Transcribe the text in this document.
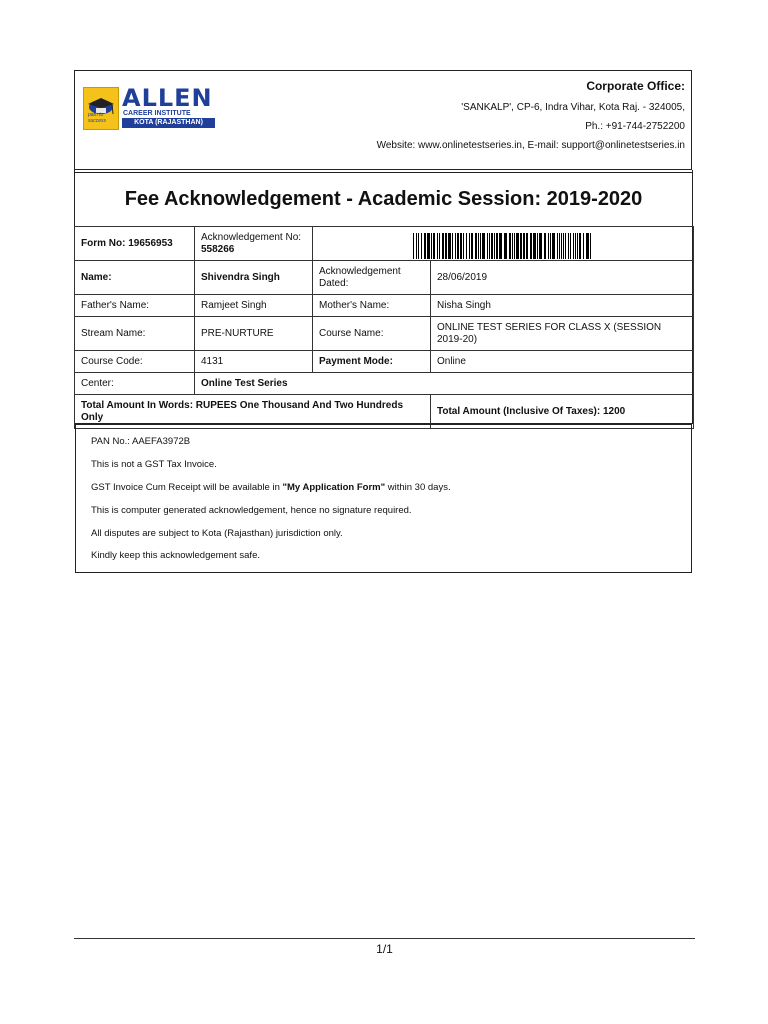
path to success
ALLEN
CAREER INSTITUTE
KOTA (RAJASTHAN)
Corporate Office:
'SANKALP', CP-6, Indra Vihar, Kota Raj. - 324005,
Ph.: +91-744-2752200
Website: www.onlinetestseries.in, E-mail: support@onlinetestseries.in
Fee Acknowledgement - Academic Session: 2019-2020
Form No: 19656953	Acknowledgement No:
558266

Name:	Shivendra Singh	Acknowledgement Dated:	28/06/2019
Father's Name:	Ramjeet Singh	Mother's Name:	Nisha Singh
Stream Name:	PRE-NURTURE	Course Name:	ONLINE TEST SERIES FOR CLASS X (SESSION 2019-20)
Course Code:	4131	Payment Mode:	Online
Center:	Online Test Series		
Total Amount In Words: RUPEES One Thousand And Two Hundreds Only			Total Amount (Inclusive Of Taxes): 1200
PAN No.: AAEFA3972B
This is not a GST Tax Invoice.
GST Invoice Cum Receipt will be available in "My Application Form" within 30 days.
This is computer generated acknowledgement, hence no signature required.
All disputes are subject to Kota (Rajasthan) jurisdiction only.
Kindly keep this acknowledgement safe.
1/1
